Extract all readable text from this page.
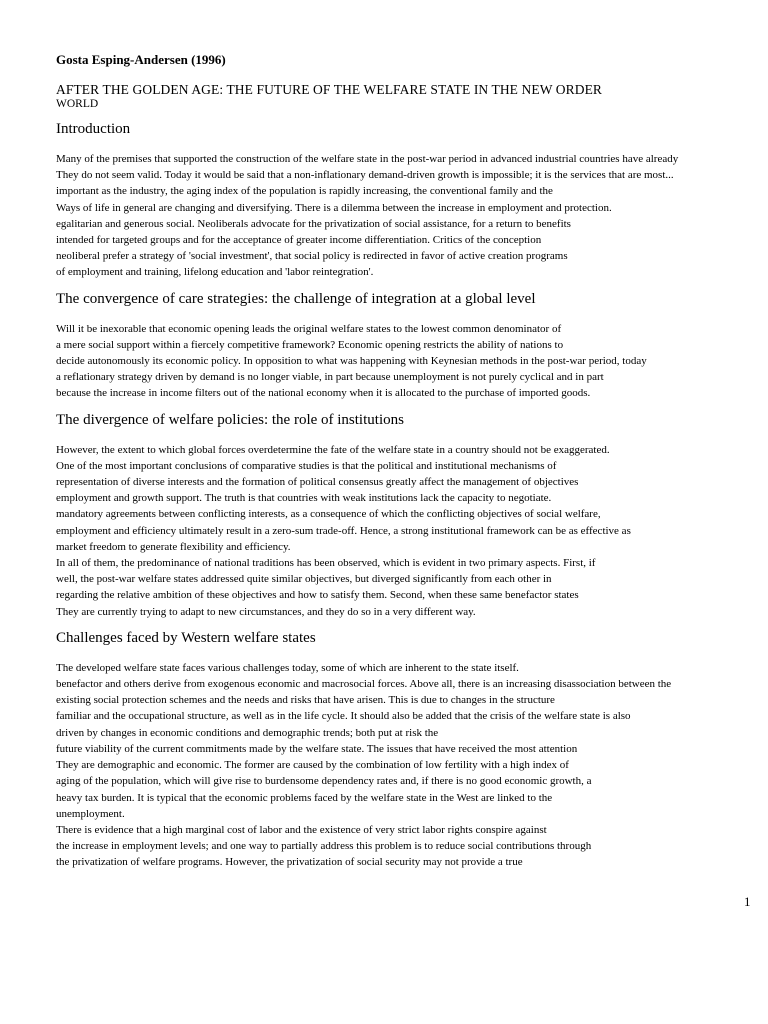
Gosta Esping-Andersen (1996)

AFTER THE GOLDEN AGE: THE FUTURE OF THE WELFARE STATE IN THE NEW ORDER

WORLD

Introduction
Many of the premises that supported the construction of the welfare state in the post-war period in advanced industrial countries have already
They do not seem valid. Today it would be said that a non-inflationary demand-driven growth is impossible; it is the services that are most...
important as the industry, the aging index of the population is rapidly increasing, the conventional family and the
Ways of life in general are changing and diversifying. There is a dilemma between the increase in employment and protection.
egalitarian and generous social. Neoliberals advocate for the privatization of social assistance, for a return to benefits
intended for targeted groups and for the acceptance of greater income differentiation. Critics of the conception
neoliberal prefer a strategy of 'social investment', that social policy is redirected in favor of active creation programs
of employment and training, lifelong education and 'labor reintegration'.
The convergence of care strategies: the challenge of integration at a global level
Will it be inexorable that economic opening leads the original welfare states to the lowest common denominator of
a mere social support within a fiercely competitive framework? Economic opening restricts the ability of nations to
decide autonomously its economic policy. In opposition to what was happening with Keynesian methods in the post-war period, today
a reflationary strategy driven by demand is no longer viable, in part because unemployment is not purely cyclical and in part
because the increase in income filters out of the national economy when it is allocated to the purchase of imported goods.
The divergence of welfare policies: the role of institutions
However, the extent to which global forces overdetermine the fate of the welfare state in a country should not be exaggerated.
One of the most important conclusions of comparative studies is that the political and institutional mechanisms of
representation of diverse interests and the formation of political consensus greatly affect the management of objectives
employment and growth support. The truth is that countries with weak institutions lack the capacity to negotiate.
mandatory agreements between conflicting interests, as a consequence of which the conflicting objectives of social welfare,
employment and efficiency ultimately result in a zero-sum trade-off. Hence, a strong institutional framework can be as effective as
market freedom to generate flexibility and efficiency.
In all of them, the predominance of national traditions has been observed, which is evident in two primary aspects. First, if
well, the post-war welfare states addressed quite similar objectives, but diverged significantly from each other in
regarding the relative ambition of these objectives and how to satisfy them. Second, when these same benefactor states
They are currently trying to adapt to new circumstances, and they do so in a very different way.
Challenges faced by Western welfare states
The developed welfare state faces various challenges today, some of which are inherent to the state itself.
benefactor and others derive from exogenous economic and macrosocial forces. Above all, there is an increasing disassociation between the
existing social protection schemes and the needs and risks that have arisen. This is due to changes in the structure
familiar and the occupational structure, as well as in the life cycle. It should also be added that the crisis of the welfare state is also
driven by changes in economic conditions and demographic trends; both put at risk the
future viability of the current commitments made by the welfare state. The issues that have received the most attention
They are demographic and economic. The former are caused by the combination of low fertility with a high index of
aging of the population, which will give rise to burdensome dependency rates and, if there is no good economic growth, a
heavy tax burden. It is typical that the economic problems faced by the welfare state in the West are linked to the
unemployment.
There is evidence that a high marginal cost of labor and the existence of very strict labor rights conspire against
the increase in employment levels; and one way to partially address this problem is to reduce social contributions through
the privatization of welfare programs. However, the privatization of social security may not provide a true
1
